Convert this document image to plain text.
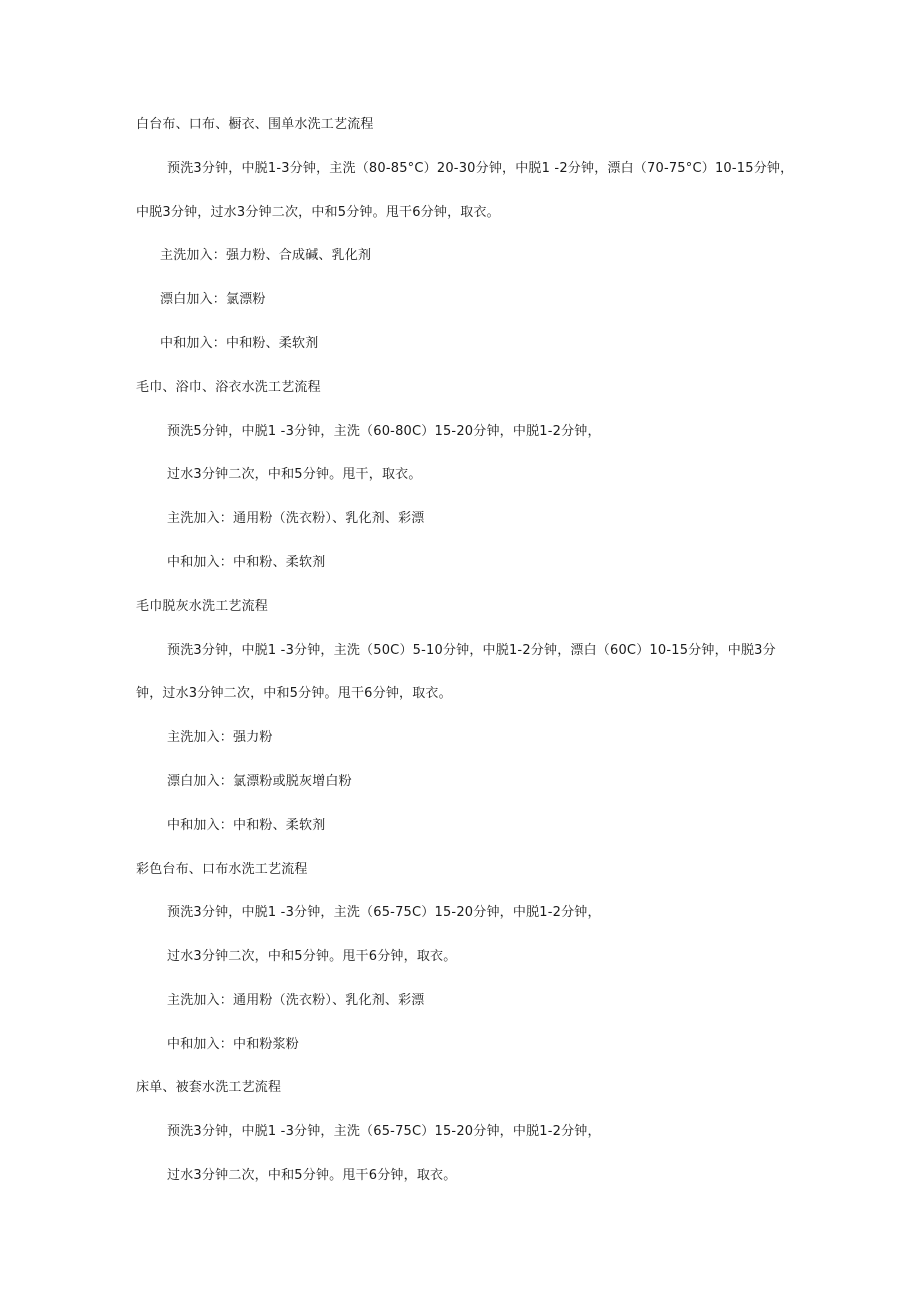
白台布、口布、橱衣、围单水洗工艺流程
预洗3分钟，中脱1-3分钟，主洗（80-85°C）20-30分钟，中脱1 -2分钟，漂白（70-75°C）10-15分钟，
中脱3分钟，过水3分钟二次，中和5分钟。甩干6分钟，取衣。
主洗加入：强力粉、合成碱、乳化剂
漂白加入：氯漂粉
中和加入：中和粉、柔软剂
毛巾、浴巾、浴衣水洗工艺流程
预洗5分钟，中脱1 -3分钟，主洗（60-80C）15-20分钟，中脱1-2分钟，
过水3分钟二次，中和5分钟。甩干，取衣。
主洗加入：通用粉（洗衣粉）、乳化剂、彩漂
中和加入：中和粉、柔软剂
毛巾脱灰水洗工艺流程
预洗3分钟，中脱1 -3分钟，主洗（50C）5-10分钟，中脱1-2分钟，漂白（60C）10-15分钟，中脱3分
钟，过水3分钟二次，中和5分钟。甩干6分钟，取衣。
主洗加入：强力粉
漂白加入：氯漂粉或脱灰增白粉
中和加入：中和粉、柔软剂
彩色台布、口布水洗工艺流程
预洗3分钟，中脱1 -3分钟，主洗（65-75C）15-20分钟，中脱1-2分钟，
过水3分钟二次，中和5分钟。甩干6分钟，取衣。
主洗加入：通用粉（洗衣粉）、乳化剂、彩漂
中和加入：中和粉浆粉
床单、被套水洗工艺流程
预洗3分钟，中脱1 -3分钟，主洗（65-75C）15-20分钟，中脱1-2分钟，
过水3分钟二次，中和5分钟。甩干6分钟，取衣。
